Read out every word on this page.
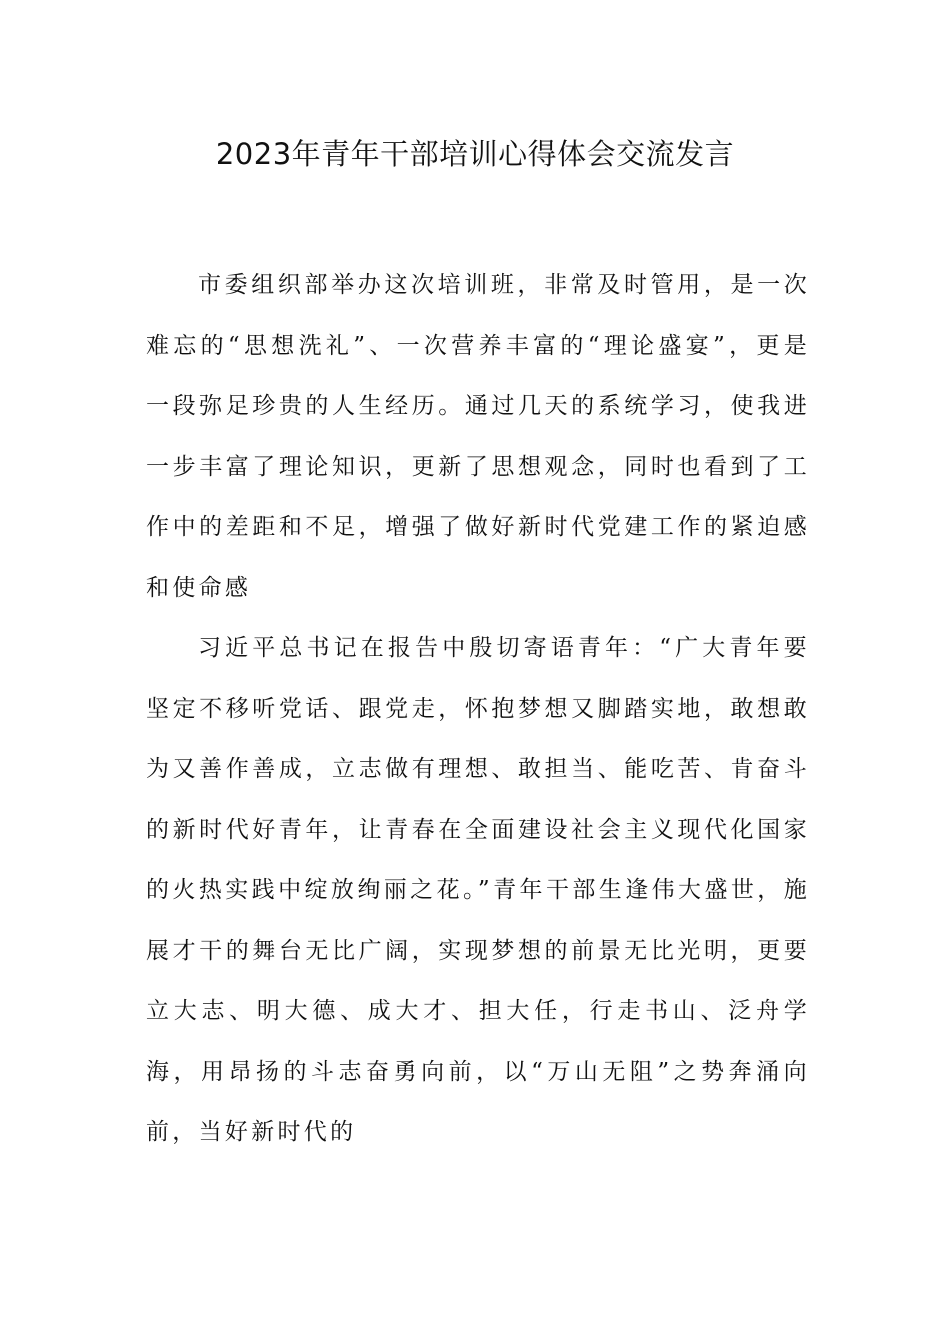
2023年青年干部培训心得体会交流发言

市委组织部举办这次培训班，非常及时管用，是一次难忘的“思想洗礼”、一次营养丰富的“理论盛宴”，更是一段弥足珍贵的人生经历。通过几天的系统学习，使我进一步丰富了理论知识，更新了思想观念，同时也看到了工作中的差距和不足，增强了做好新时代党建工作的紧迫感和使命感

习近平总书记在报告中殷切寄语青年：“广大青年要坚定不移听党话、跟党走，怀抱梦想又脚踏实地，敢想敢为又善作善成，立志做有理想、敢担当、能吃苦、肯奋斗的新时代好青年，让青春在全面建设社会主义现代化国家的火热实践中绽放绚丽之花。”青年干部生逢伟大盛世，施展才干的舞台无比广阔，实现梦想的前景无比光明，更要立大志、明大德、成大才、担大任，行走书山、泛舟学海，用昂扬的斗志奋勇向前，以“万山无阻”之势奔涌向前，当好新时代的
